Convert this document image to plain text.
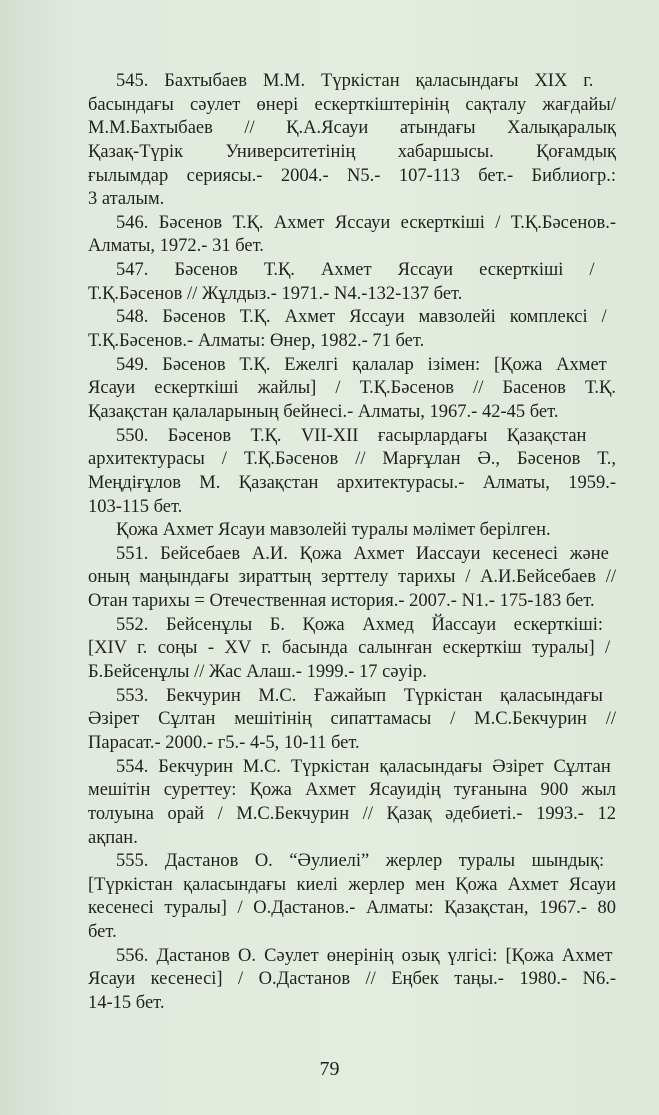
545. Бахтыбаев М.М. Түркістан қаласындағы XIX г.
басындағы сәулет өнері ескерткіштерінің сақталу жағдайы/
М.М.Бахтыбаев // Қ.А.Ясауи атындағы Халықаралық
Қазақ-Түрік Университетінің хабаршысы. Қоғамдық
ғылымдар сериясы.- 2004.- N5.- 107-113 бет.- Библиогр.:
3 аталым.
546. Бәсенов Т.Қ. Ахмет Яссауи ескерткіші / Т.Қ.Бәсенов.-
Алматы, 1972.- 31 бет.
547. Бәсенов Т.Қ. Ахмет Яссауи ескерткіші /
Т.Қ.Бәсенов // Жұлдыз.- 1971.- N4.-132-137 бет.
548. Бәсенов Т.Қ. Ахмет Яссауи мавзолейі комплексі /
Т.Қ.Бәсенов.- Алматы: Өнер, 1982.- 71 бет.
549. Бәсенов Т.Қ. Ежелгі қалалар ізімен: [Қожа Ахмет
Ясауи ескерткіші жайлы] / Т.Қ.Бәсенов // Басенов Т.Қ.
Қазақстан қалаларының бейнесі.- Алматы, 1967.- 42-45 бет.
550. Бәсенов Т.Қ. VII-XII ғасырлардағы Қазақстан
архитектурасы / Т.Қ.Бәсенов // Марғұлан Ә., Бәсенов Т.,
Меңдіғұлов М. Қазақстан архитектурасы.- Алматы, 1959.-
103-115 бет.
Қожа Ахмет Ясауи мавзолейі туралы мәлімет берілген.
551. Бейсебаев А.И. Қожа Ахмет Иассауи кесенесі және
оның маңындағы зираттың зерттелу тарихы / А.И.Бейсебаев //
Отан тарихы = Отечественная история.- 2007.- N1.- 175-183 бет.
552. Бейсенұлы Б. Қожа Ахмед Йассауи ескерткіші:
[XIV г. соңы - XV г. басында салынған ескерткіш туралы] /
Б.Бейсенұлы // Жас Алаш.- 1999.- 17 сәуір.
553. Бекчурин М.С. Ғажайып Түркістан қаласындағы
Әзірет Сұлтан мешітінің сипаттамасы / М.С.Бекчурин //
Парасат.- 2000.- г5.- 4-5, 10-11 бет.
554. Бекчурин М.С. Түркістан қаласындағы Әзірет Сұлтан
мешітін суреттеу: Қожа Ахмет Ясауидің туғанына 900 жыл
толуына орай / М.С.Бекчурин // Қазақ әдебиеті.- 1993.- 12
ақпан.
555. Дастанов О. “Әулиелі” жерлер туралы шындық:
[Түркістан қаласындағы киелі жерлер мен Қожа Ахмет Ясауи
кесенесі туралы] / О.Дастанов.- Алматы: Қазақстан, 1967.- 80
бет.
556. Дастанов О. Сәулет өнерінің озық үлгісі: [Қожа Ахмет
Ясауи кесенесі] / О.Дастанов // Еңбек таңы.- 1980.- N6.-
14-15 бет.
79
